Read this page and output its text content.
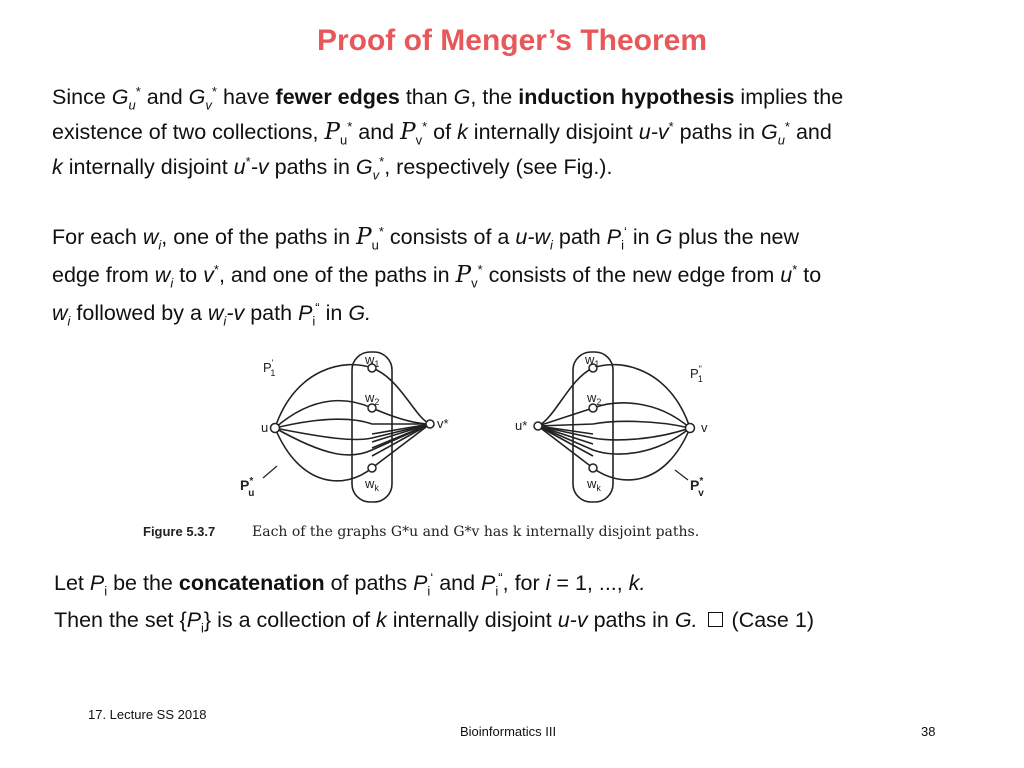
Proof of Menger’s Theorem
Since $G_u^*$ and $G_v^*$ have fewer edges than G, the induction hypothesis implies the
existence of two collections, $P_u^*$ and $P_v^*$ of k internally disjoint u-v* paths in $G_u^*$ and
k internally disjoint u*-v paths in $G_v^*$, respectively (see Fig.).
For each $w_i$, one of the paths in $P_u^*$ consists of a $u-w_i$ path $P_i^‘$ in G plus the new
edge from $w_i$ to v*, and one of the paths in $P_v^*$ consists of the new edge from u* to
$w_i$ followed by a $w_i-v$ path $P_i^“$ in G.
$w_1$
$w_2$
$w_k$
u	v*
P' 1
P* u
$w_1$
$w_2$
$w_k$
u*	v
P" 1
P* v
Figure 5.3.7	Each of the graphs G*u and G*v has k internally disjoint paths.
Let $P_i$ be the concatenation of paths $P_i^‘$ and $P_i^“$, for i = 1, ..., k.
Then the set $\{P_i\}$ is a collection of k internally disjoint u-v paths in G. (Case 1)
17. Lecture SS 2018
Bioinformatics III	38
